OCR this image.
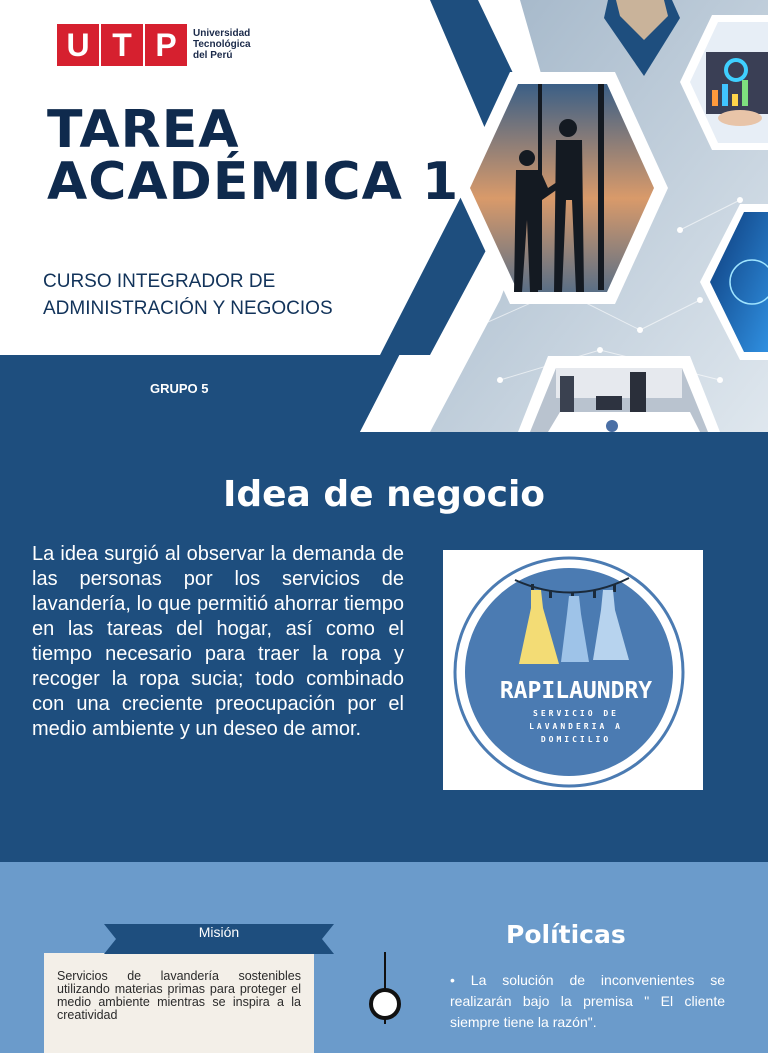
U T P	Universidad
Tecnológica
del Perú
TAREA
ACADÉMICA 1
CURSO INTEGRADOR DE
ADMINISTRACIÓN Y NEGOCIOS
GRUPO 5
Idea de negocio
La idea surgió al observar la demanda de las personas por los servicios de lavandería, lo que permitió ahorrar tiempo en las tareas del hogar, así como el tiempo necesario para traer la ropa y recoger la ropa sucia; todo combinado con una creciente preocupación por el medio ambiente y un deseo de amor.
RAPILAUNDRY
SERVICIO DE
LAVANDERIA A
DOMICILIO
Misión
Servicios de lavandería sostenibles utilizando materias primas para proteger el medio ambiente mientras se inspira a la creatividad
Políticas
• La solución de inconvenientes se realizarán bajo la premisa " El cliente siempre tiene la razón".
